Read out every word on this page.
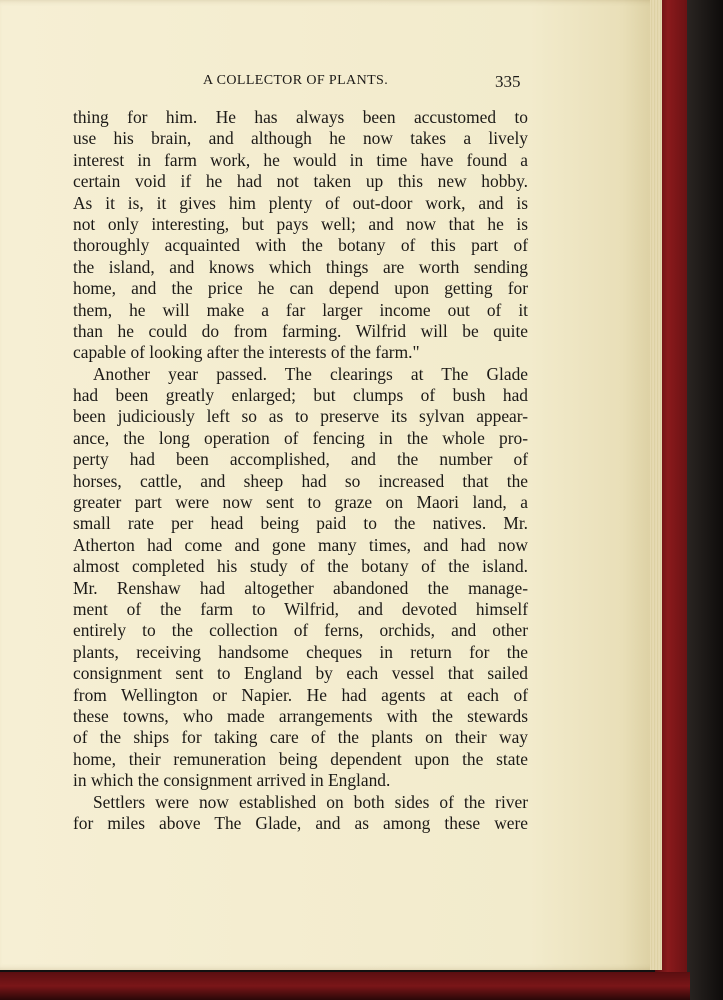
A COLLECTOR OF PLANTS.	335
thing for him. He has always been accustomed to
use his brain, and although he now takes a lively
interest in farm work, he would in time have found a
certain void if he had not taken up this new hobby.
As it is, it gives him plenty of out-door work, and is
not only interesting, but pays well; and now that he is
thoroughly acquainted with the botany of this part of
the island, and knows which things are worth sending
home, and the price he can depend upon getting for
them, he will make a far larger income out of it
than he could do from farming. Wilfrid will be quite
capable of looking after the interests of the farm."
Another year passed. The clearings at The Glade
had been greatly enlarged; but clumps of bush had
been judiciously left so as to preserve its sylvan appear-
ance, the long operation of fencing in the whole pro-
perty had been accomplished, and the number of
horses, cattle, and sheep had so increased that the
greater part were now sent to graze on Maori land, a
small rate per head being paid to the natives. Mr.
Atherton had come and gone many times, and had now
almost completed his study of the botany of the island.
Mr. Renshaw had altogether abandoned the manage-
ment of the farm to Wilfrid, and devoted himself
entirely to the collection of ferns, orchids, and other
plants, receiving handsome cheques in return for the
consignment sent to England by each vessel that sailed
from Wellington or Napier. He had agents at each of
these towns, who made arrangements with the stewards
of the ships for taking care of the plants on their way
home, their remuneration being dependent upon the state
in which the consignment arrived in England.
Settlers were now established on both sides of the river
for miles above The Glade, and as among these were
